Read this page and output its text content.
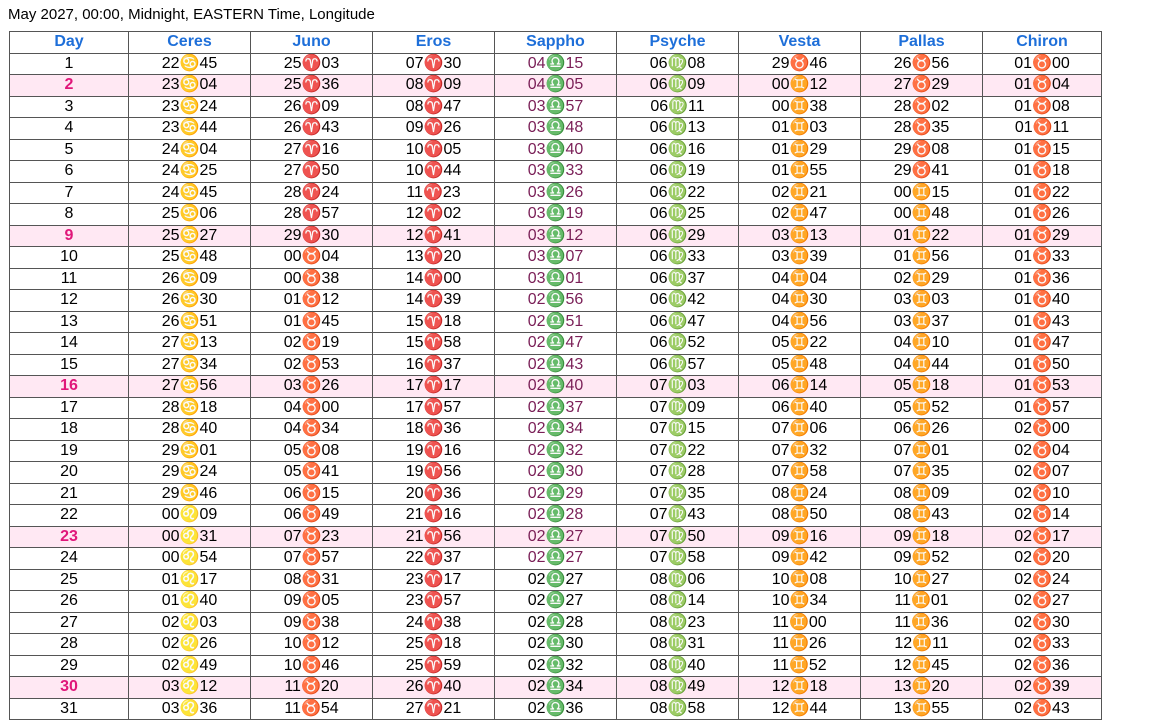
May 2027, 00:00, Midnight, EASTERN Time, Longitude
Day	Ceres	Juno	Eros	Sappho	Psyche	Vesta	Pallas	Chiron
1	22♋45	25♈03	07♈30	04♎15	06♍08	29♉46	26♉56	01♉00
2	23♋04	25♈36	08♈09	04♎05	06♍09	00♊12	27♉29	01♉04
3	23♋24	26♈09	08♈47	03♎57	06♍11	00♊38	28♉02	01♉08
4	23♋44	26♈43	09♈26	03♎48	06♍13	01♊03	28♉35	01♉11
5	24♋04	27♈16	10♈05	03♎40	06♍16	01♊29	29♉08	01♉15
6	24♋25	27♈50	10♈44	03♎33	06♍19	01♊55	29♉41	01♉18
7	24♋45	28♈24	11♈23	03♎26	06♍22	02♊21	00♊15	01♉22
8	25♋06	28♈57	12♈02	03♎19	06♍25	02♊47	00♊48	01♉26
9	25♋27	29♈30	12♈41	03♎12	06♍29	03♊13	01♊22	01♉29
10	25♋48	00♉04	13♈20	03♎07	06♍33	03♊39	01♊56	01♉33
11	26♋09	00♉38	14♈00	03♎01	06♍37	04♊04	02♊29	01♉36
12	26♋30	01♉12	14♈39	02♎56	06♍42	04♊30	03♊03	01♉40
13	26♋51	01♉45	15♈18	02♎51	06♍47	04♊56	03♊37	01♉43
14	27♋13	02♉19	15♈58	02♎47	06♍52	05♊22	04♊10	01♉47
15	27♋34	02♉53	16♈37	02♎43	06♍57	05♊48	04♊44	01♉50
16	27♋56	03♉26	17♈17	02♎40	07♍03	06♊14	05♊18	01♉53
17	28♋18	04♉00	17♈57	02♎37	07♍09	06♊40	05♊52	01♉57
18	28♋40	04♉34	18♈36	02♎34	07♍15	07♊06	06♊26	02♉00
19	29♋01	05♉08	19♈16	02♎32	07♍22	07♊32	07♊01	02♉04
20	29♋24	05♉41	19♈56	02♎30	07♍28	07♊58	07♊35	02♉07
21	29♋46	06♉15	20♈36	02♎29	07♍35	08♊24	08♊09	02♉10
22	00♌09	06♉49	21♈16	02♎28	07♍43	08♊50	08♊43	02♉14
23	00♌31	07♉23	21♈56	02♎27	07♍50	09♊16	09♊18	02♉17
24	00♌54	07♉57	22♈37	02♎27	07♍58	09♊42	09♊52	02♉20
25	01♌17	08♉31	23♈17	02♎27	08♍06	10♊08	10♊27	02♉24
26	01♌40	09♉05	23♈57	02♎27	08♍14	10♊34	11♊01	02♉27
27	02♌03	09♉38	24♈38	02♎28	08♍23	11♊00	11♊36	02♉30
28	02♌26	10♉12	25♈18	02♎30	08♍31	11♊26	12♊11	02♉33
29	02♌49	10♉46	25♈59	02♎32	08♍40	11♊52	12♊45	02♉36
30	03♌12	11♉20	26♈40	02♎34	08♍49	12♊18	13♊20	02♉39
31	03♌36	11♉54	27♈21	02♎36	08♍58	12♊44	13♊55	02♉43
